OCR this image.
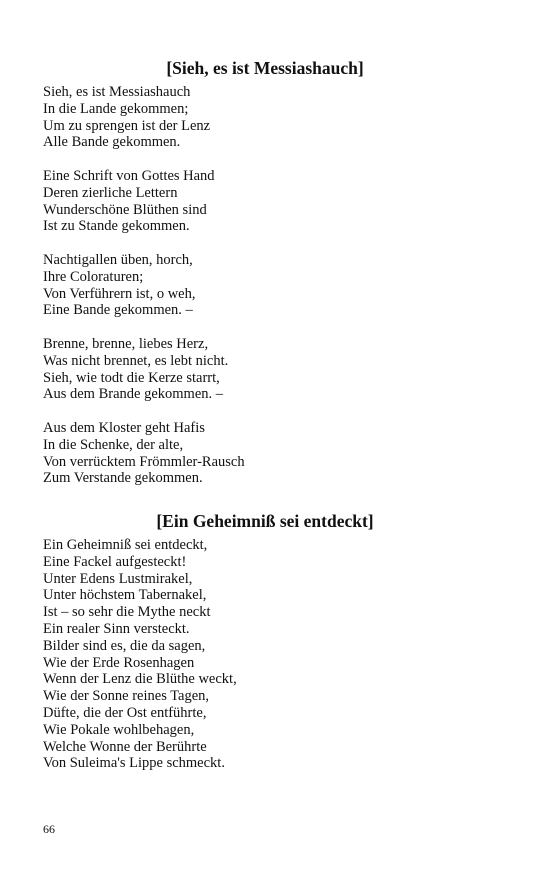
[Sieh, es ist Messiashauch]
Sieh, es ist Messiashauch
In die Lande gekommen;
Um zu sprengen ist der Lenz
Alle Bande gekommen.
Eine Schrift von Gottes Hand
Deren zierliche Lettern
Wunderschöne Blüthen sind
Ist zu Stande gekommen.
Nachtigallen üben, horch,
Ihre Coloraturen;
Von Verführern ist, o weh,
Eine Bande gekommen. –
Brenne, brenne, liebes Herz,
Was nicht brennet, es lebt nicht.
Sieh, wie todt die Kerze starrt,
Aus dem Brande gekommen. –
Aus dem Kloster geht Hafis
In die Schenke, der alte,
Von verrücktem Frömmler-Rausch
Zum Verstande gekommen.
[Ein Geheimniß sei entdeckt]
Ein Geheimniß sei entdeckt,
Eine Fackel aufgesteckt!
Unter Edens Lustmirakel,
Unter höchstem Tabernakel,
Ist – so sehr die Mythe neckt
Ein realer Sinn versteckt.
Bilder sind es, die da sagen,
Wie der Erde Rosenhagen
Wenn der Lenz die Blüthe weckt,
Wie der Sonne reines Tagen,
Düfte, die der Ost entführte,
Wie Pokale wohlbehagen,
Welche Wonne der Berührte
Von Suleima's Lippe schmeckt.
66
